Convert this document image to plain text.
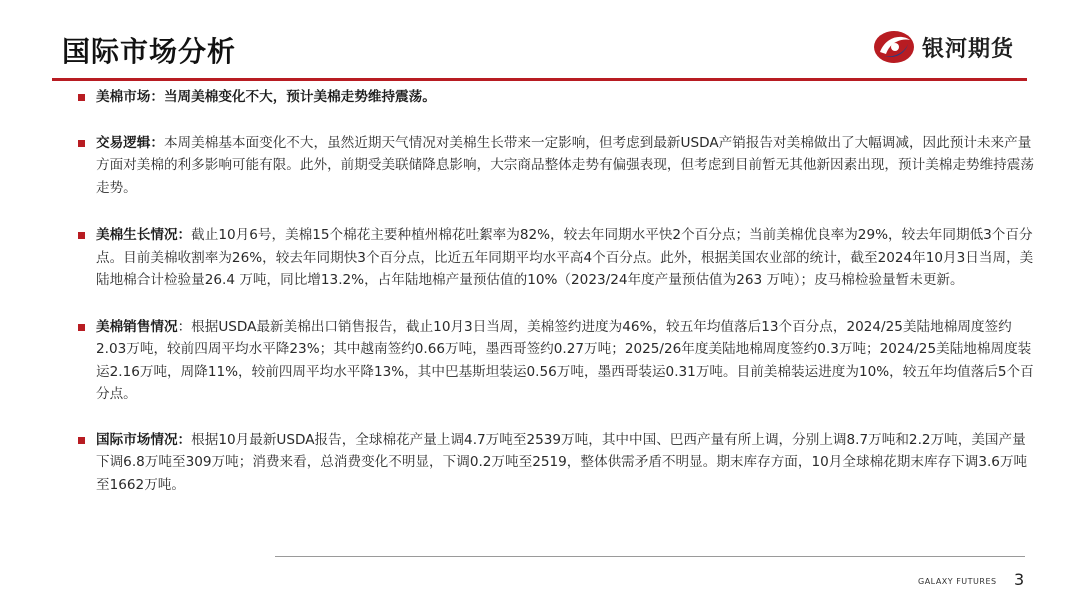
国际市场分析	银河期货
美棉市场：当周美棉变化不大，预计美棉走势维持震荡。
交易逻辑：本周美棉基本面变化不大，虽然近期天气情况对美棉生长带来一定影响，但考虑到最新USDA产销报告对美棉做出了大幅调减，因此预计未来产量方面对美棉的利多影响可能有限。此外，前期受美联储降息影响，大宗商品整体走势有偏强表现，但考虑到目前暂无其他新因素出现，预计美棉走势维持震荡走势。
美棉生长情况：截止10月6号，美棉15个棉花主要种植州棉花吐絮率为82%，较去年同期水平快2个百分点；当前美棉优良率为29%，较去年同期低3个百分点。目前美棉收割率为26%，较去年同期快3个百分点，比近五年同期平均水平高4个百分点。此外，根据美国农业部的统计，截至2024年10月3日当周，美陆地棉合计检验量26.4 万吨，同比增13.2%，占年陆地棉产量预估值的10%（2023/24年度产量预估值为263 万吨）；皮马棉检验量暂未更新。
美棉销售情况：根据USDA最新美棉出口销售报告，截止10月3日当周，美棉签约进度为46%，较五年均值落后13个百分点，2024/25美陆地棉周度签约2.03万吨，较前四周平均水平降23%；其中越南签约0.66万吨，墨西哥签约0.27万吨；2025/26年度美陆地棉周度签约0.3万吨；2024/25美陆地棉周度装运2.16万吨，周降11%，较前四周平均水平降13%，其中巴基斯坦装运0.56万吨，墨西哥装运0.31万吨。目前美棉装运进度为10%，较五年均值落后5个百分点。
国际市场情况：根据10月最新USDA报告，全球棉花产量上调4.7万吨至2539万吨，其中中国、巴西产量有所上调，分别上调8.7万吨和2.2万吨，美国产量下调6.8万吨至309万吨；消费来看，总消费变化不明显，下调0.2万吨至2519，整体供需矛盾不明显。期末库存方面，10月全球棉花期末库存下调3.6万吨至1662万吨。
GALAXY FUTURES 3
